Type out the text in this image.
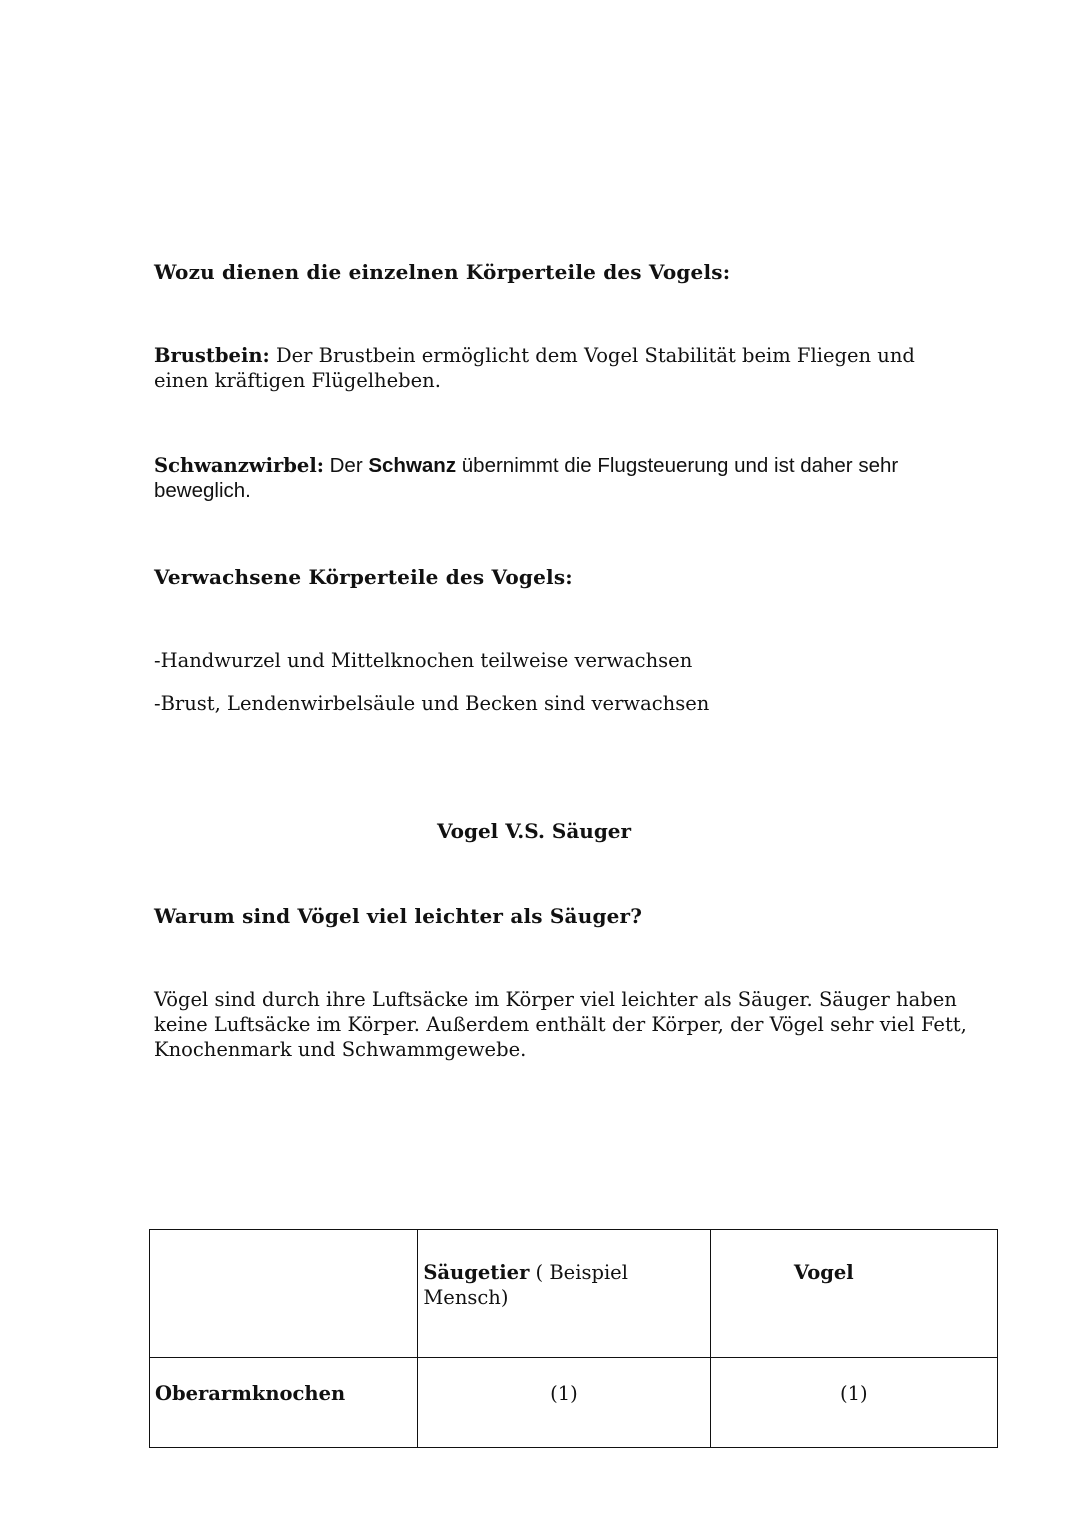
Wozu dienen die einzelnen Körperteile des Vogels:

Brustbein: Der Brustbein ermöglicht dem Vogel Stabilität beim Fliegen und einen kräftigen Flügelheben.

Schwanzwirbel: Der Schwanz übernimmt die Flugsteuerung und ist daher sehr beweglich.

Verwachsene Körperteile des Vogels:

-Handwurzel und Mittelknochen teilweise verwachsen

-Brust, Lendenwirbelsäule und Becken sind verwachsen

Vogel V.S. Säuger
Warum sind Vögel viel leichter als Säuger?

Vögel sind durch ihre Luftsäcke im Körper viel leichter als Säuger. Säuger haben keine Luftsäcke im Körper. Außerdem enthält der Körper, der Vögel sehr viel Fett, Knochenmark und Schwammgewebe.

	Säugetier ( Beispiel Mensch)	Vogel
Oberarmknochen	(1)	(1)
